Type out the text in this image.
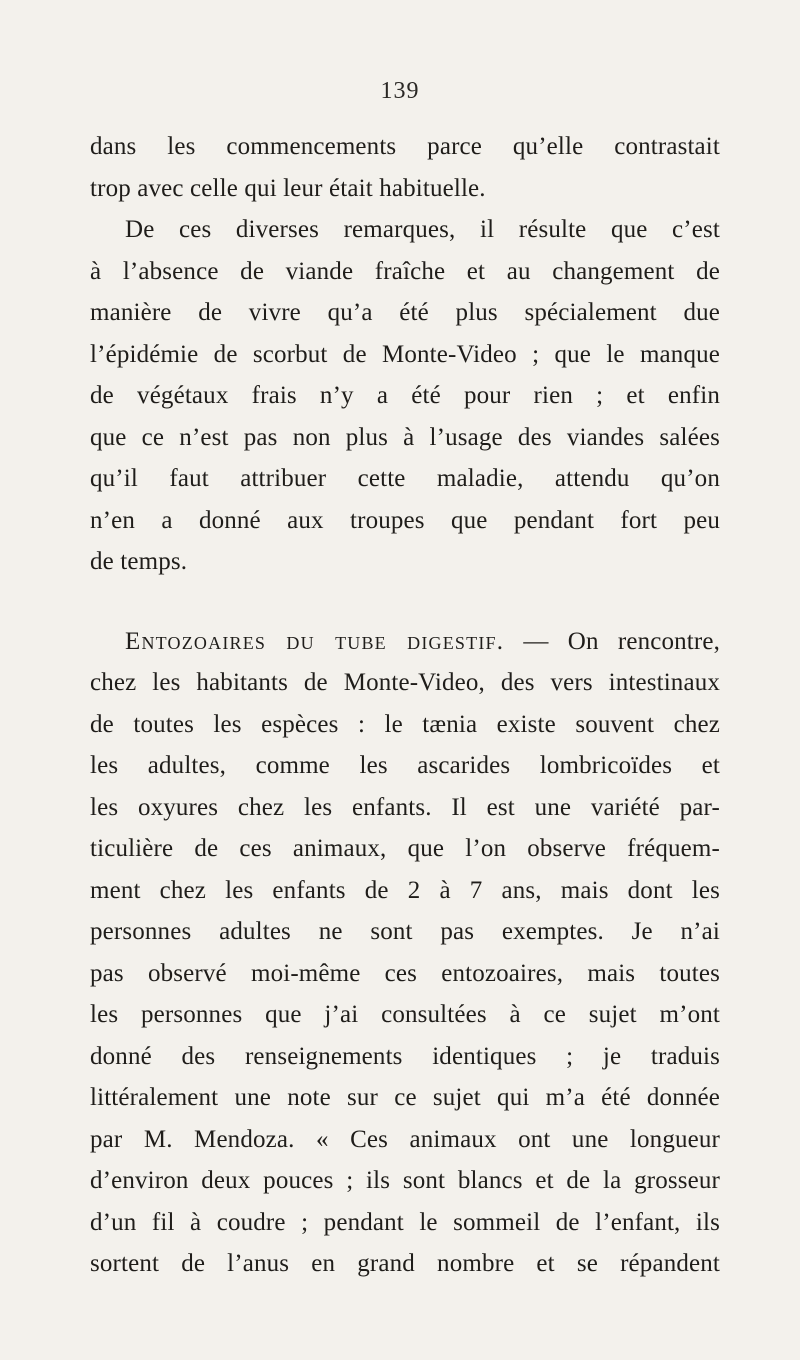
139
dans les commencements parce qu’elle contrastait
trop avec celle qui leur était habituelle.
De ces diverses remarques, il résulte que c’est
à l’absence de viande fraîche et au changement de
manière de vivre qu’a été plus spécialement due
l’épidémie de scorbut de Monte-Video ; que le manque
de végétaux frais n’y a été pour rien ; et enfin
que ce n’est pas non plus à l’usage des viandes salées
qu’il faut attribuer cette maladie, attendu qu’on
n’en a donné aux troupes que pendant fort peu
de temps.
Entozoaires du tube digestif. — On rencontre,
chez les habitants de Monte-Video, des vers intestinaux
de toutes les espèces : le tænia existe souvent chez
les adultes, comme les ascarides lombricoïdes et
les oxyures chez les enfants. Il est une variété par-
ticulière de ces animaux, que l’on observe fréquem-
ment chez les enfants de 2 à 7 ans, mais dont les
personnes adultes ne sont pas exemptes. Je n’ai
pas observé moi-même ces entozoaires, mais toutes
les personnes que j’ai consultées à ce sujet m’ont
donné des renseignements identiques ; je traduis
littéralement une note sur ce sujet qui m’a été donnée
par M. Mendoza. « Ces animaux ont une longueur
d’environ deux pouces ; ils sont blancs et de la grosseur
d’un fil à coudre ; pendant le sommeil de l’enfant, ils
sortent de l’anus en grand nombre et se répandent
